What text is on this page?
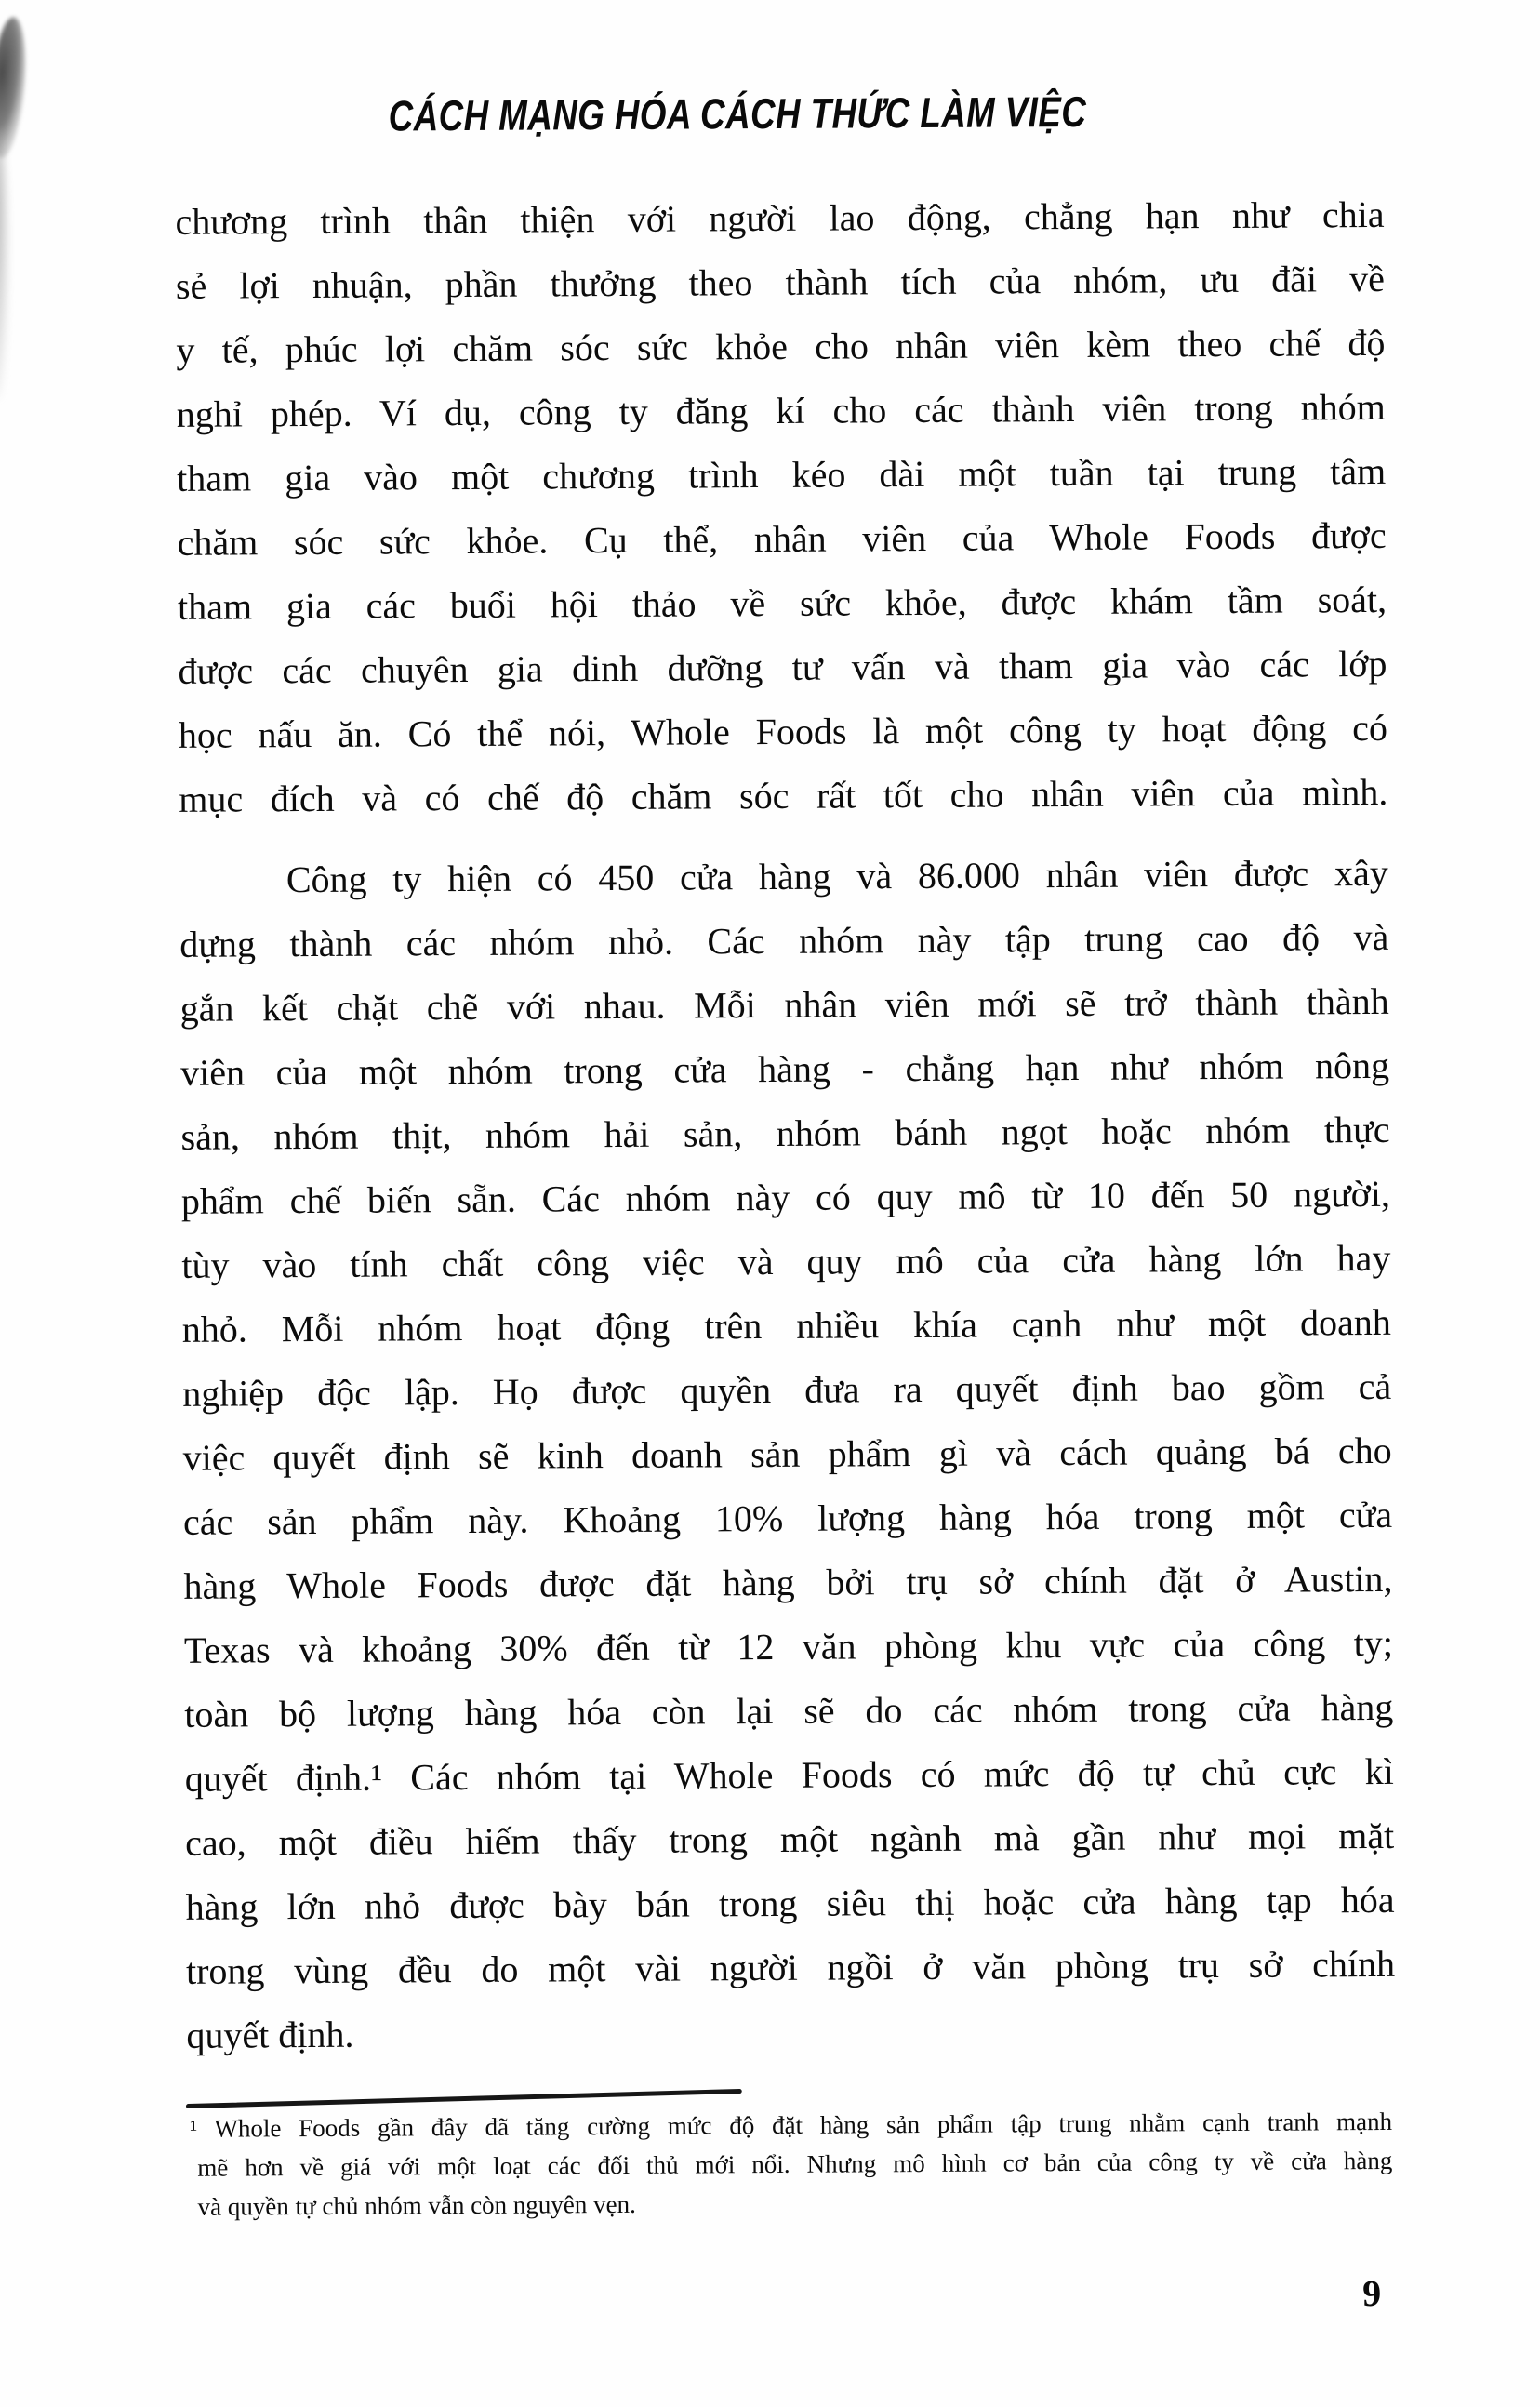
CÁCH MẠNG HÓA CÁCH THỨC LÀM VIỆC
chương trình thân thiện với người lao động, chẳng hạn như chia
sẻ lợi nhuận, phần thưởng theo thành tích của nhóm, ưu đãi về
y tế, phúc lợi chăm sóc sức khỏe cho nhân viên kèm theo chế độ
nghỉ phép. Ví dụ, công ty đăng kí cho các thành viên trong nhóm
tham gia vào một chương trình kéo dài một tuần tại trung tâm
chăm sóc sức khỏe. Cụ thể, nhân viên của Whole Foods được
tham gia các buổi hội thảo về sức khỏe, được khám tầm soát,
được các chuyên gia dinh dưỡng tư vấn và tham gia vào các lớp
học nấu ăn. Có thể nói, Whole Foods là một công ty hoạt động có
mục đích và có chế độ chăm sóc rất tốt cho nhân viên của mình.
Công ty hiện có 450 cửa hàng và 86.000 nhân viên được xây
dựng thành các nhóm nhỏ. Các nhóm này tập trung cao độ và
gắn kết chặt chẽ với nhau. Mỗi nhân viên mới sẽ trở thành thành
viên của một nhóm trong cửa hàng - chẳng hạn như nhóm nông
sản, nhóm thịt, nhóm hải sản, nhóm bánh ngọt hoặc nhóm thực
phẩm chế biến sẵn. Các nhóm này có quy mô từ 10 đến 50 người,
tùy vào tính chất công việc và quy mô của cửa hàng lớn hay
nhỏ. Mỗi nhóm hoạt động trên nhiều khía cạnh như một doanh
nghiệp độc lập. Họ được quyền đưa ra quyết định bao gồm cả
việc quyết định sẽ kinh doanh sản phẩm gì và cách quảng bá cho
các sản phẩm này. Khoảng 10% lượng hàng hóa trong một cửa
hàng Whole Foods được đặt hàng bởi trụ sở chính đặt ở Austin,
Texas và khoảng 30% đến từ 12 văn phòng khu vực của công ty;
toàn bộ lượng hàng hóa còn lại sẽ do các nhóm trong cửa hàng
quyết định.¹ Các nhóm tại Whole Foods có mức độ tự chủ cực kì
cao, một điều hiếm thấy trong một ngành mà gần như mọi mặt
hàng lớn nhỏ được bày bán trong siêu thị hoặc cửa hàng tạp hóa
trong vùng đều do một vài người ngồi ở văn phòng trụ sở chính
quyết định.
¹ Whole Foods gần đây đã tăng cường mức độ đặt hàng sản phẩm tập trung nhằm cạnh tranh mạnh
mẽ hơn về giá với một loạt các đối thủ mới nổi. Nhưng mô hình cơ bản của công ty về cửa hàng
và quyền tự chủ nhóm vẫn còn nguyên vẹn.
9
